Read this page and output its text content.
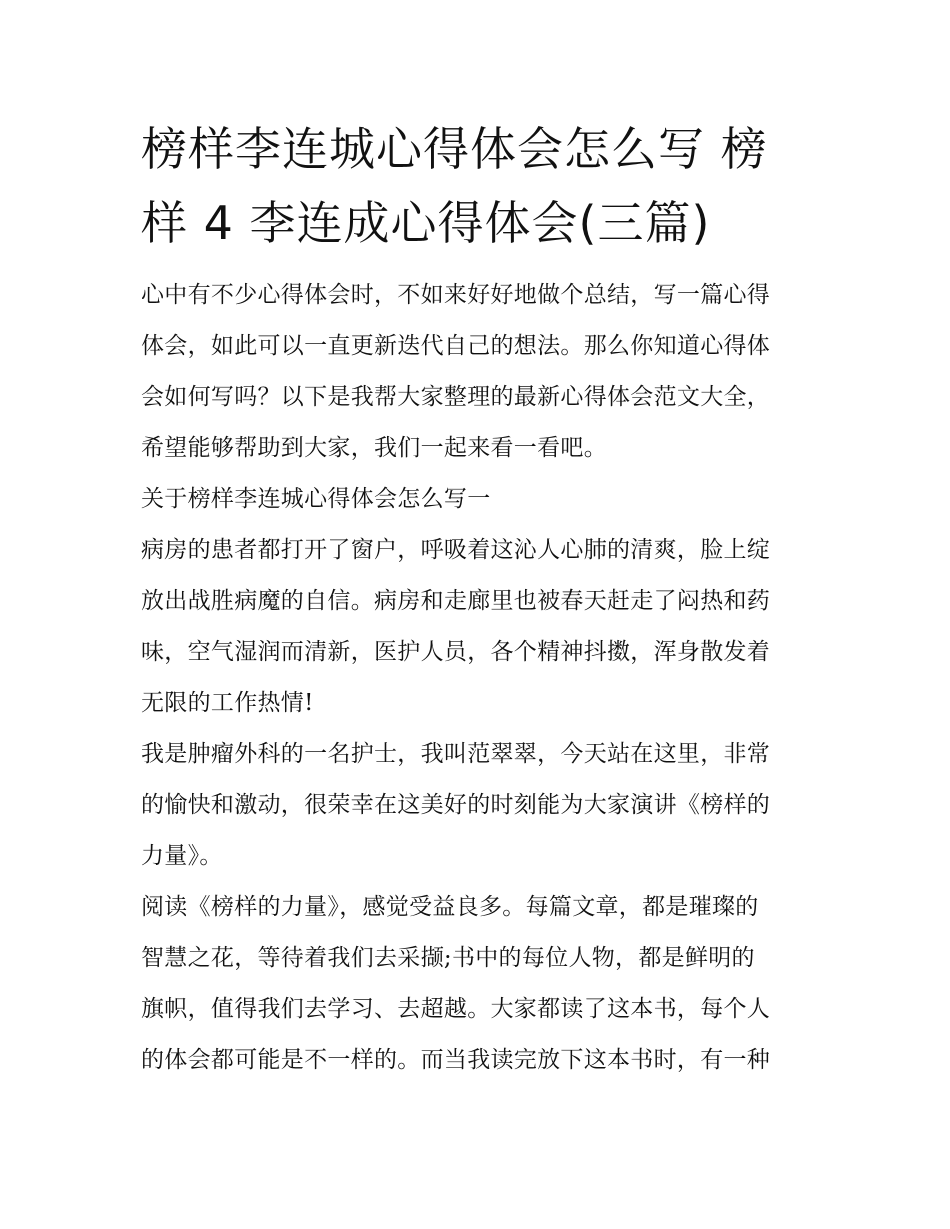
榜样李连城心得体会怎么写 榜
样 4 李连成心得体会(三篇)

心中有不少心得体会时，不如来好好地做个总结，写一篇心得
体会，如此可以一直更新迭代自己的想法。那么你知道心得体
会如何写吗？以下是我帮大家整理的最新心得体会范文大全，
希望能够帮助到大家，我们一起来看一看吧。

关于榜样李连城心得体会怎么写一

病房的患者都打开了窗户，呼吸着这沁人心肺的清爽，脸上绽
放出战胜病魔的自信。病房和走廊里也被春天赶走了闷热和药
味，空气湿润而清新，医护人员，各个精神抖擞，浑身散发着
无限的工作热情!

我是肿瘤外科的一名护士，我叫范翠翠，今天站在这里，非常
的愉快和激动，很荣幸在这美好的时刻能为大家演讲《榜样的
力量》。

阅读《榜样的力量》，感觉受益良多。每篇文章，都是璀璨的
智慧之花，等待着我们去采撷;书中的每位人物，都是鲜明的
旗帜，值得我们去学习、去超越。大家都读了这本书，每个人
的体会都可能是不一样的。而当我读完放下这本书时，有一种
